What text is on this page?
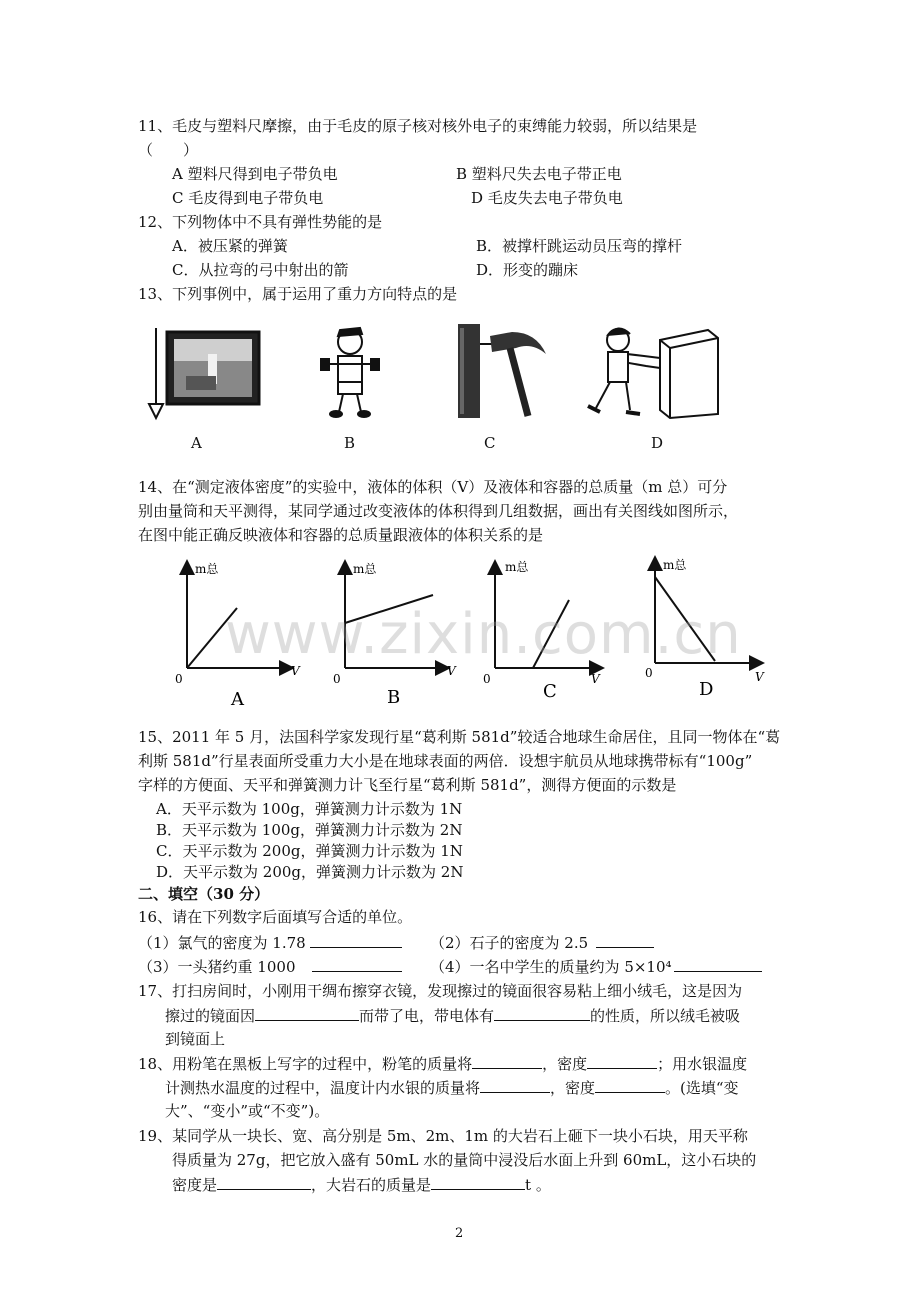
11、毛皮与塑料尺摩擦，由于毛皮的原子核对核外电子的束缚能力较弱，所以结果是
（　　）
A 塑料尺得到电子带负电	B 塑料尺失去电子带正电
C 毛皮得到电子带负电	D 毛皮失去电子带负电
12、下列物体中不具有弹性势能的是
A．被压紧的弹簧	B．被撑杆跳运动员压弯的撑杆
C．从拉弯的弓中射出的箭	D．形变的蹦床
13、下列事例中，属于运用了重力方向特点的是
A	B	C	D
14、在“测定液体密度”的实验中，液体的体积（V）及液体和容器的总质量（m 总）可分
别由量筒和天平测得，某同学通过改变液体的体积得到几组数据，画出有关图线如图所示，
在图中能正确反映液体和容器的总质量跟液体的体积关系的是
m总
V
0
m总
V
0
m总
V
0
m总
V
0
A	B	C	D
www.zixin.com.cn
15、2011 年 5 月，法国科学家发现行星“葛利斯 581d”较适合地球生命居住，且同一物体在“葛
利斯 581d”行星表面所受重力大小是在地球表面的两倍．设想宇航员从地球携带标有“100g”
字样的方便面、天平和弹簧测力计飞至行星“葛利斯 581d”，测得方便面的示数是
A．天平示数为 100g，弹簧测力计示数为 1N
B．天平示数为 100g，弹簧测力计示数为 2N
C．天平示数为 200g，弹簧测力计示数为 1N
D．天平示数为 200g，弹簧测力计示数为 2N
二、填空（30 分）
16、请在下列数字后面填写合适的单位。
（1）氯气的密度为 1.78	（2）石子的密度为 2.5
（3）一头猪约重 1000	（4）一名中学生的质量约为 5×10⁴
17、打扫房间时，小刚用干绸布擦穿衣镜，发现擦过的镜面很容易粘上细小绒毛，这是因为
擦过的镜面因	而带了电，带电体有	的性质，所以绒毛被吸
到镜面上
18、用粉笔在黑板上写字的过程中，粉笔的质量将	，密度	；用水银温度
计测热水温度的过程中，温度计内水银的质量将	，密度	。(选填“变
大”、“变小”或“不变”)。
19、某同学从一块长、宽、高分别是 5m、2m、1m 的大岩石上砸下一块小石块，用天平称
得质量为 27g，把它放入盛有 50mL 水的量筒中浸没后水面上升到 60mL，这小石块的
密度是	，大岩石的质量是	t 。
2
